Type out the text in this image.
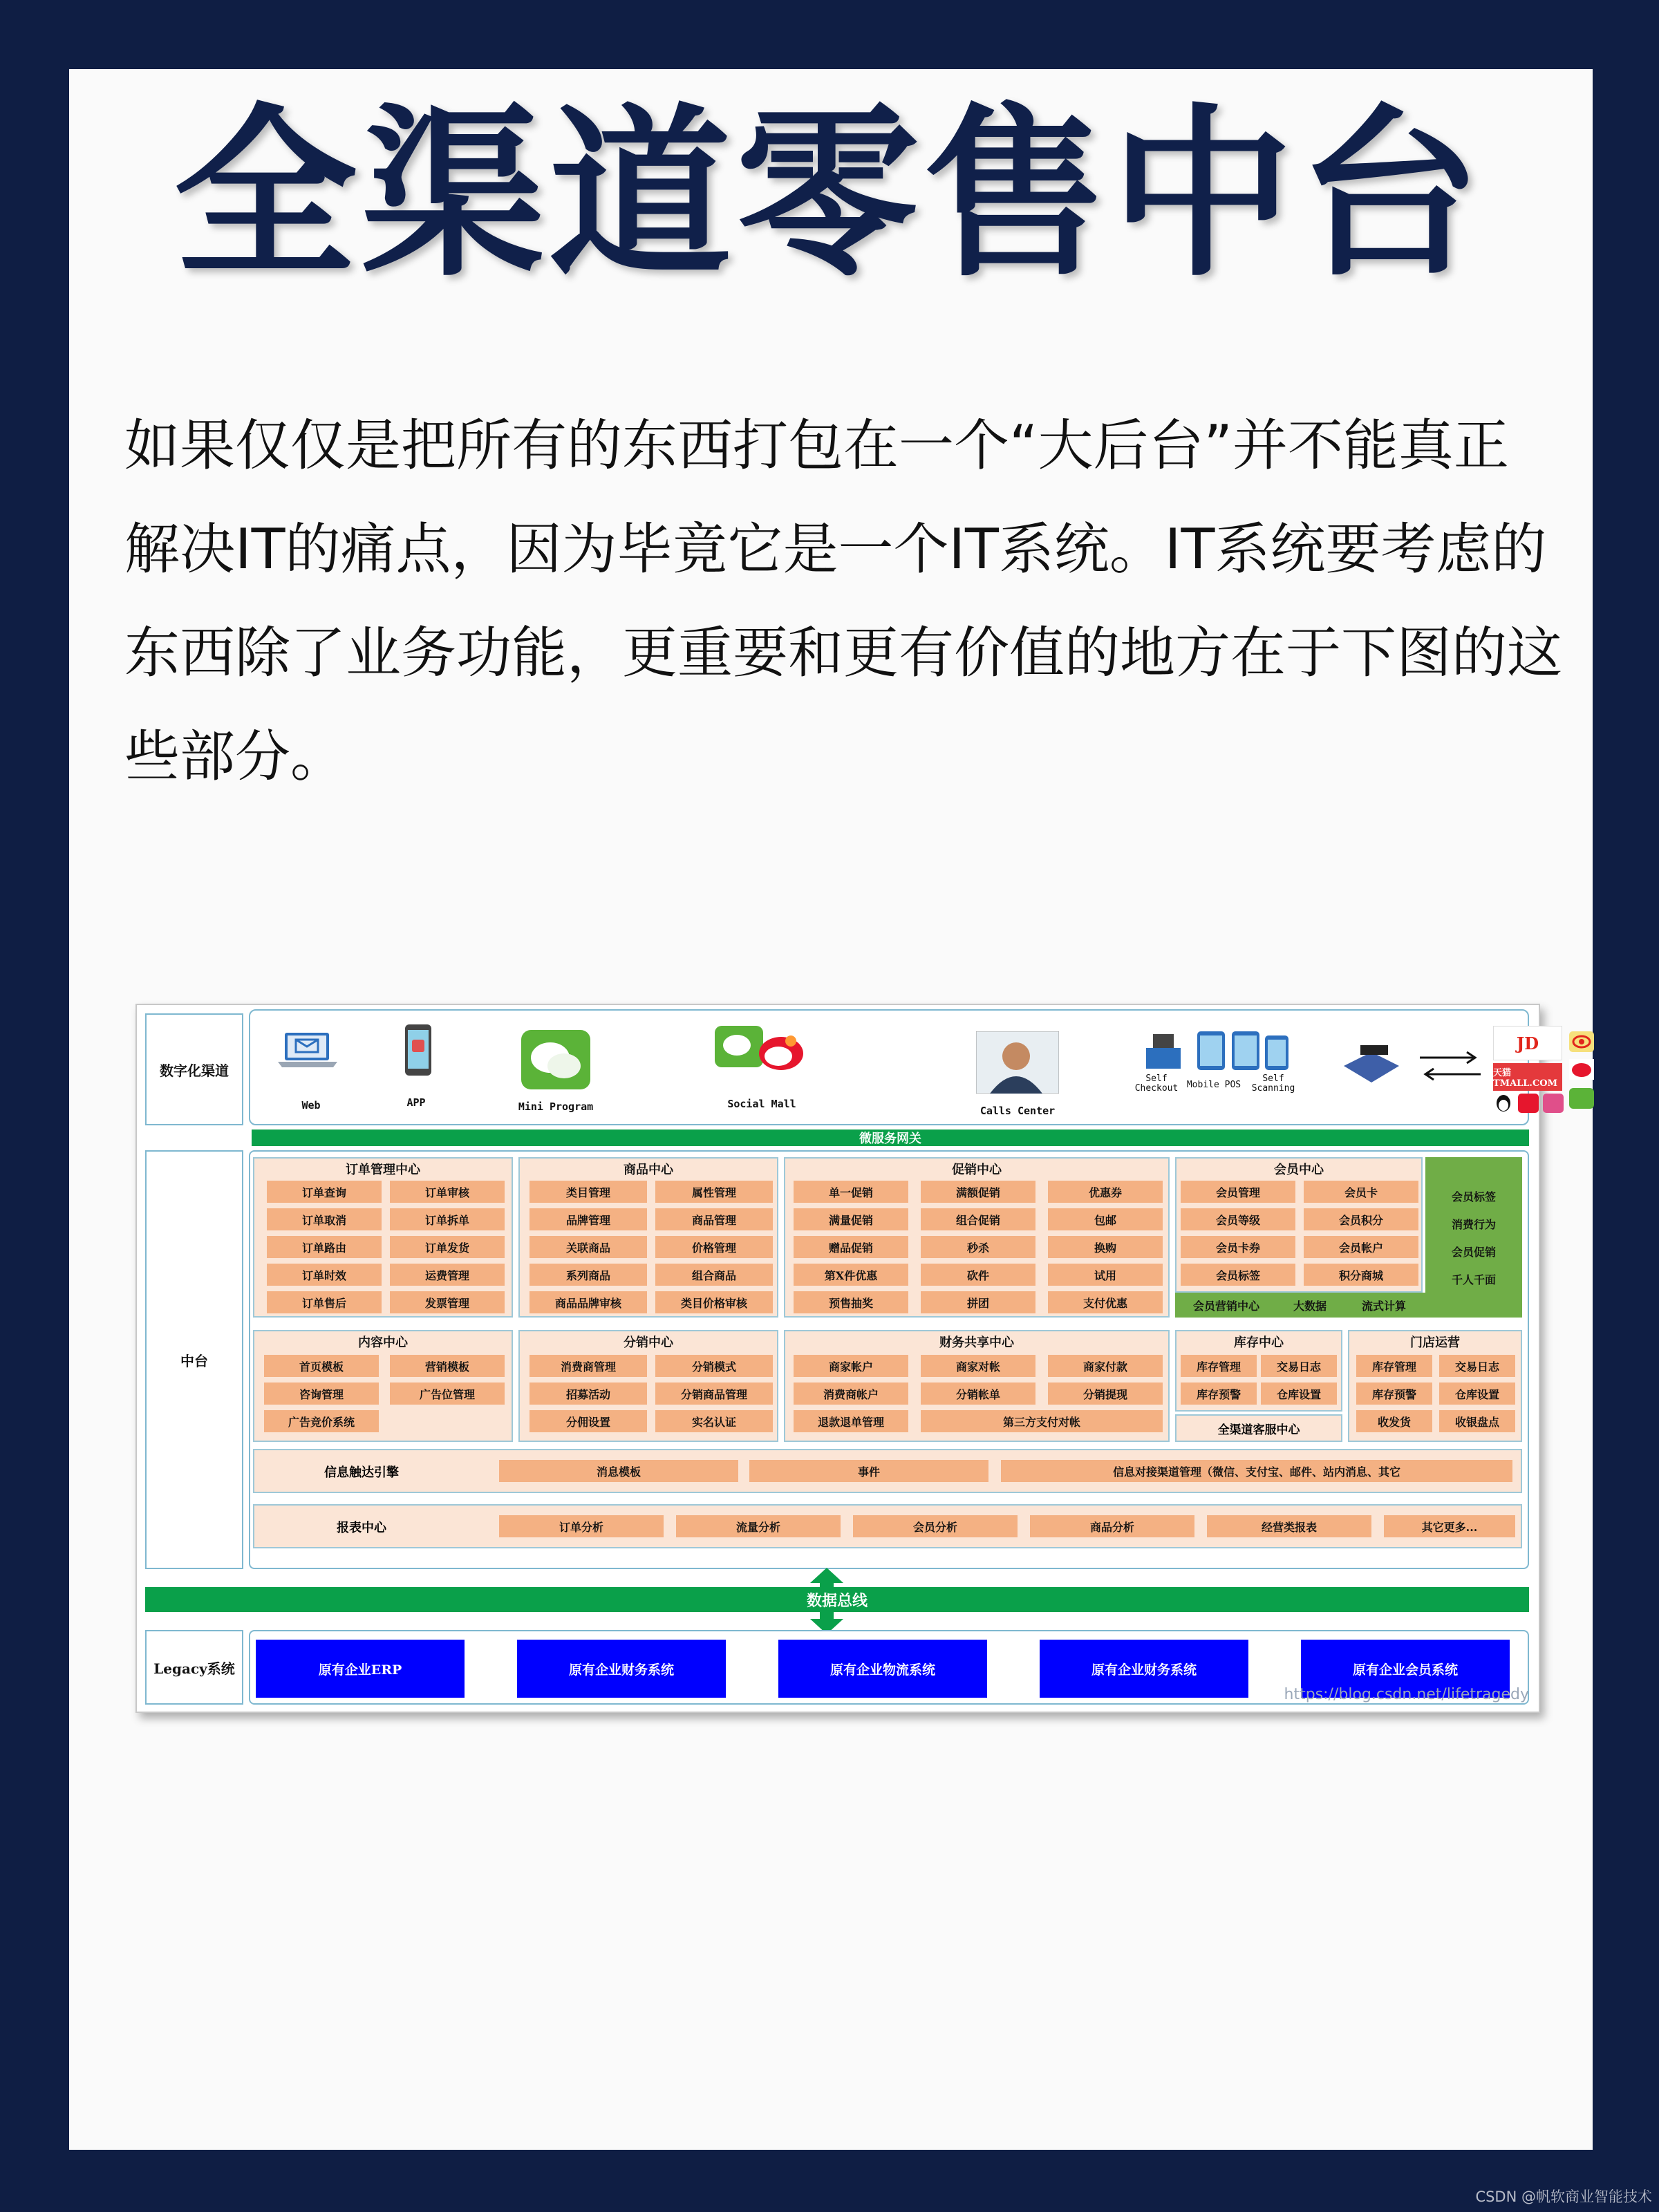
全渠道零售中台
如果仅仅是把所有的东西打包在一个“大后台”并不能真正
解决IT的痛点，因为毕竟它是一个IT系统。IT系统要考虑的
东西除了业务功能，更重要和更有价值的地方在于下图的这
些部分。
数字化渠道
Web	APP	Mini Program	Social Mall
Calls Center
Self Checkout Mobile POS
Self Scanning
JD
天猫 TMALL.COM
微服务网关
中台
订单管理中心
订单查询	订单审核
订单取消	订单拆单
订单路由	订单发货
订单时效	运费管理
订单售后	发票管理
商品中心
类目管理	属性管理
品牌管理	商品管理
关联商品	价格管理
系列商品	组合商品
商品品牌审核	类目价格审核
促销中心
单一促销	满额促销	优惠券
满量促销	组合促销	包邮
赠品促销	秒杀	换购
第X件优惠	砍件	试用
预售抽奖	拼团	支付优惠
会员中心
会员管理	会员卡
会员等级	会员积分
会员卡券	会员帐户
会员标签	积分商城
会员标签
消费行为
会员促销
千人千面
会员营销中心	大数据	流式计算
内容中心
首页模板	营销模板
咨询管理	广告位管理
广告竞价系统
分销中心
消费商管理	分销模式
招募活动	分销商品管理
分佣设置	实名认证
财务共享中心
商家帐户	商家对帐	商家付款
消费商帐户	分销帐单	分销提现
退款退单管理	第三方支付对帐
库存中心
库存管理	交易日志
库存预警	仓库设置
全渠道客服中心
门店运营
库存管理	交易日志
库存预警	仓库设置
收发货	收银盘点
信息触达引擎	消息模板	事件	信息对接渠道管理（微信、支付宝、邮件、站内消息、其它
报表中心	订单分析	流量分析	会员分析	商品分析	经营类报表	其它更多...
数据总线
Legacy系统	原有企业ERP	原有企业财务系统	原有企业物流系统	原有企业财务系统	原有企业会员系统
https://blog.csdn.net/lifetragedy
CSDN @帆软商业智能技术
